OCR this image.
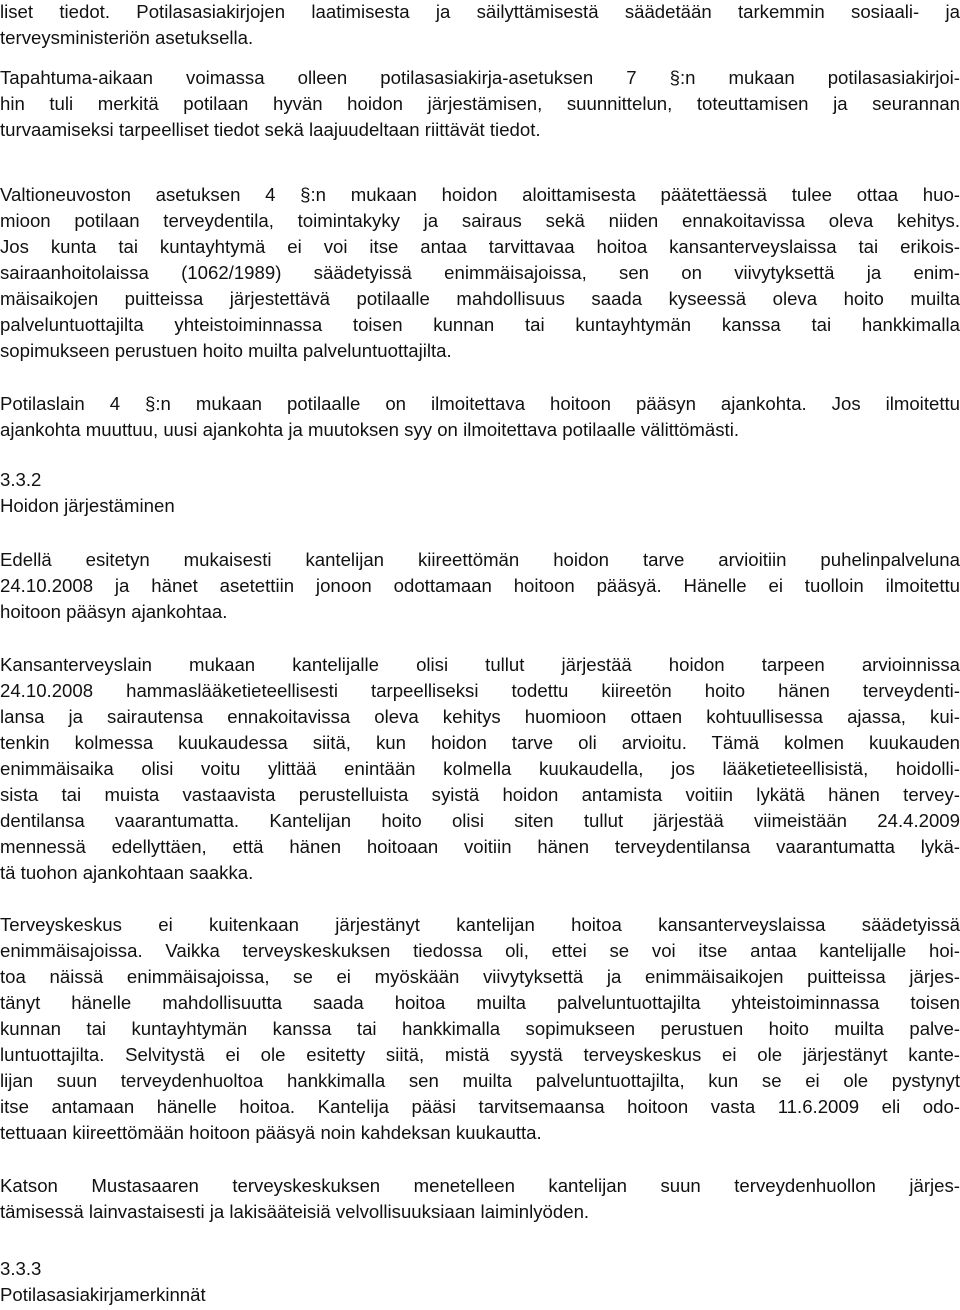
liset tiedot. Potilasasiakirjojen laatimisesta ja säilyttämisestä säädetään tarkemmin sosiaali- ja
terveysministeriön asetuksella.
Tapahtuma-aikaan voimassa olleen potilasasiakirja-asetuksen 7 §:n mukaan potilasasiakirjoi-
hin tuli merkitä potilaan hyvän hoidon järjestämisen, suunnittelun, toteuttamisen ja seurannan
turvaamiseksi tarpeelliset tiedot sekä laajuudeltaan riittävät tiedot.
Valtioneuvoston asetuksen 4 §:n mukaan hoidon aloittamisesta päätettäessä tulee ottaa huo-
mioon potilaan terveydentila, toimintakyky ja sairaus sekä niiden ennakoitavissa oleva kehitys.
Jos kunta tai kuntayhtymä ei voi itse antaa tarvittavaa hoitoa kansanterveyslaissa tai erikois-
sairaanhoitolaissa (1062/1989) säädetyissä enimmäisajoissa, sen on viivytyksettä ja enim-
mäisaikojen puitteissa järjestettävä potilaalle mahdollisuus saada kyseessä oleva hoito muilta
palveluntuottajilta yhteistoiminnassa toisen kunnan tai kuntayhtymän kanssa tai hankkimalla
sopimukseen perustuen hoito muilta palveluntuottajilta.
Potilaslain 4 §:n mukaan potilaalle on ilmoitettava hoitoon pääsyn ajankohta. Jos ilmoitettu
ajankohta muuttuu, uusi ajankohta ja muutoksen syy on ilmoitettava potilaalle välittömästi.
3.3.2
Hoidon järjestäminen
Edellä esitetyn mukaisesti kantelijan kiireettömän hoidon tarve arvioitiin puhelinpalveluna
24.10.2008 ja hänet asetettiin jonoon odottamaan hoitoon pääsyä. Hänelle ei tuolloin ilmoitettu
hoitoon pääsyn ajankohtaa.
Kansanterveyslain mukaan kantelijalle olisi tullut järjestää hoidon tarpeen arvioinnissa
24.10.2008 hammaslääketieteellisesti tarpeelliseksi todettu kiireetön hoito hänen terveydenti-
lansa ja sairautensa ennakoitavissa oleva kehitys huomioon ottaen kohtuullisessa ajassa, kui-
tenkin kolmessa kuukaudessa siitä, kun hoidon tarve oli arvioitu. Tämä kolmen kuukauden
enimmäisaika olisi voitu ylittää enintään kolmella kuukaudella, jos lääketieteellisistä, hoidolli-
sista tai muista vastaavista perustelluista syistä hoidon antamista voitiin lykätä hänen tervey-
dentilansa vaarantumatta. Kantelijan hoito olisi siten tullut järjestää viimeistään 24.4.2009
mennessä edellyttäen, että hänen hoitoaan voitiin hänen terveydentilansa vaarantumatta lykä-
tä tuohon ajankohtaan saakka.
Terveyskeskus ei kuitenkaan järjestänyt kantelijan hoitoa kansanterveyslaissa säädetyissä
enimmäisajoissa. Vaikka terveyskeskuksen tiedossa oli, ettei se voi itse antaa kantelijalle hoi-
toa näissä enimmäisajoissa, se ei myöskään viivytyksettä ja enimmäisaikojen puitteissa järjes-
tänyt hänelle mahdollisuutta saada hoitoa muilta palveluntuottajilta yhteistoiminnassa toisen
kunnan tai kuntayhtymän kanssa tai hankkimalla sopimukseen perustuen hoito muilta palve-
luntuottajilta. Selvitystä ei ole esitetty siitä, mistä syystä terveyskeskus ei ole järjestänyt kante-
lijan suun terveydenhuoltoa hankkimalla sen muilta palveluntuottajilta, kun se ei ole pystynyt
itse antamaan hänelle hoitoa. Kantelija pääsi tarvitsemaansa hoitoon vasta 11.6.2009 eli odo-
tettuaan kiireettömään hoitoon pääsyä noin kahdeksan kuukautta.
Katson Mustasaaren terveyskeskuksen menetelleen kantelijan suun terveydenhuollon järjes-
tämisessä lainvastaisesti ja lakisääteisiä velvollisuuksiaan laiminlyöden.
3.3.3
Potilasasiakirjamerkinnät
